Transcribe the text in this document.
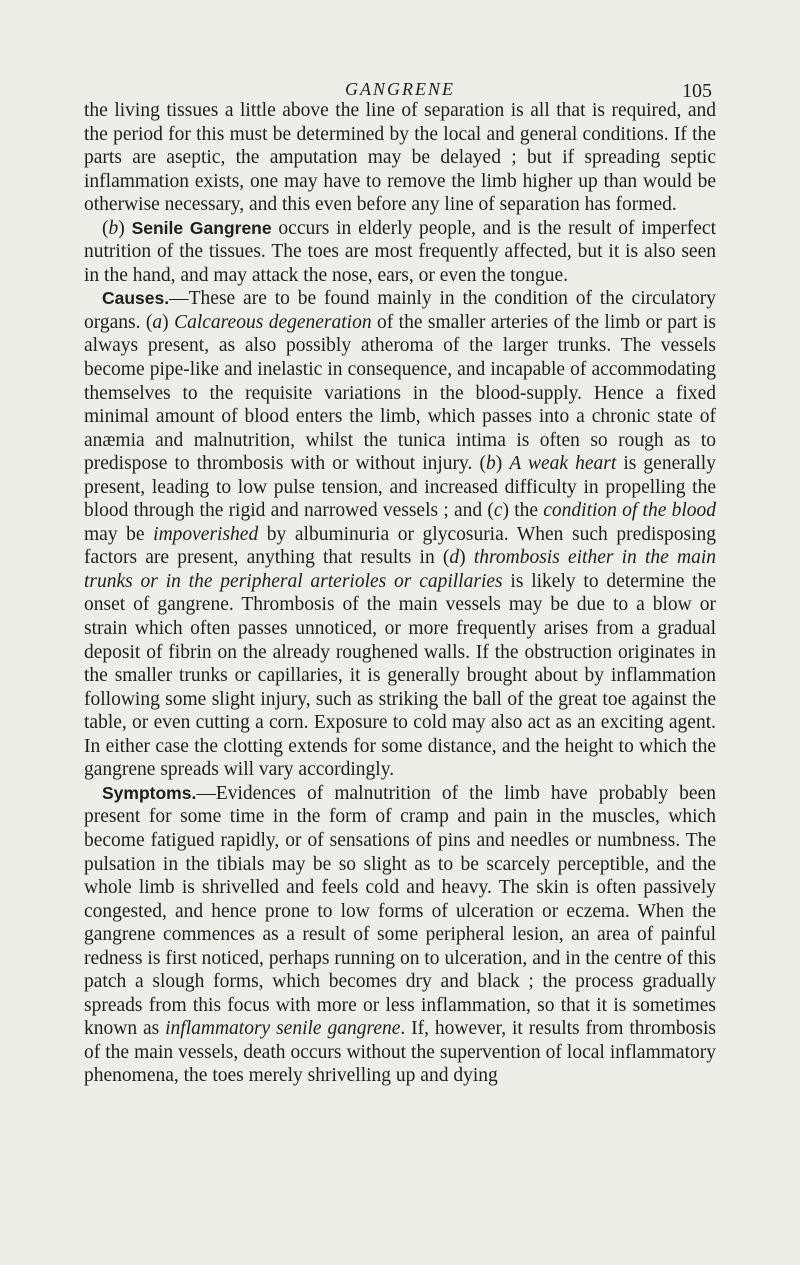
GANGRENE	105

the living tissues a little above the line of separation is all that is required, and the period for this must be determined by the local and general conditions. If the parts are aseptic, the amputation may be delayed ; but if spreading septic inflammation exists, one may have to remove the limb higher up than would be otherwise necessary, and this even before any line of separation has formed.

(b) Senile Gangrene occurs in elderly people, and is the result of imperfect nutrition of the tissues. The toes are most frequently affected, but it is also seen in the hand, and may attack the nose, ears, or even the tongue.

Causes.—These are to be found mainly in the condition of the circulatory organs. (a) Calcareous degeneration of the smaller arteries of the limb or part is always present, as also possibly atheroma of the larger trunks. The vessels become pipe-like and inelastic in consequence, and incapable of accommodating themselves to the requisite variations in the blood-supply. Hence a fixed minimal amount of blood enters the limb, which passes into a chronic state of anæmia and malnutrition, whilst the tunica intima is often so rough as to predispose to thrombosis with or without injury. (b) A weak heart is generally present, leading to low pulse tension, and increased difficulty in propelling the blood through the rigid and narrowed vessels ; and (c) the condition of the blood may be impoverished by albuminuria or glycosuria. When such predisposing factors are present, anything that results in (d) thrombosis either in the main trunks or in the peripheral arterioles or capillaries is likely to determine the onset of gangrene. Thrombosis of the main vessels may be due to a blow or strain which often passes unnoticed, or more frequently arises from a gradual deposit of fibrin on the already roughened walls. If the obstruction originates in the smaller trunks or capillaries, it is generally brought about by inflammation following some slight injury, such as striking the ball of the great toe against the table, or even cutting a corn. Exposure to cold may also act as an exciting agent. In either case the clotting extends for some distance, and the height to which the gangrene spreads will vary accordingly.

Symptoms.—Evidences of malnutrition of the limb have probably been present for some time in the form of cramp and pain in the muscles, which become fatigued rapidly, or of sensations of pins and needles or numbness. The pulsation in the tibials may be so slight as to be scarcely perceptible, and the whole limb is shrivelled and feels cold and heavy. The skin is often passively congested, and hence prone to low forms of ulceration or eczema. When the gangrene commences as a result of some peripheral lesion, an area of painful redness is first noticed, perhaps running on to ulceration, and in the centre of this patch a slough forms, which becomes dry and black ; the process gradually spreads from this focus with more or less inflammation, so that it is sometimes known as inflammatory senile gangrene. If, however, it results from thrombosis of the main vessels, death occurs without the supervention of local inflammatory phenomena, the toes merely shrivelling up and dying
